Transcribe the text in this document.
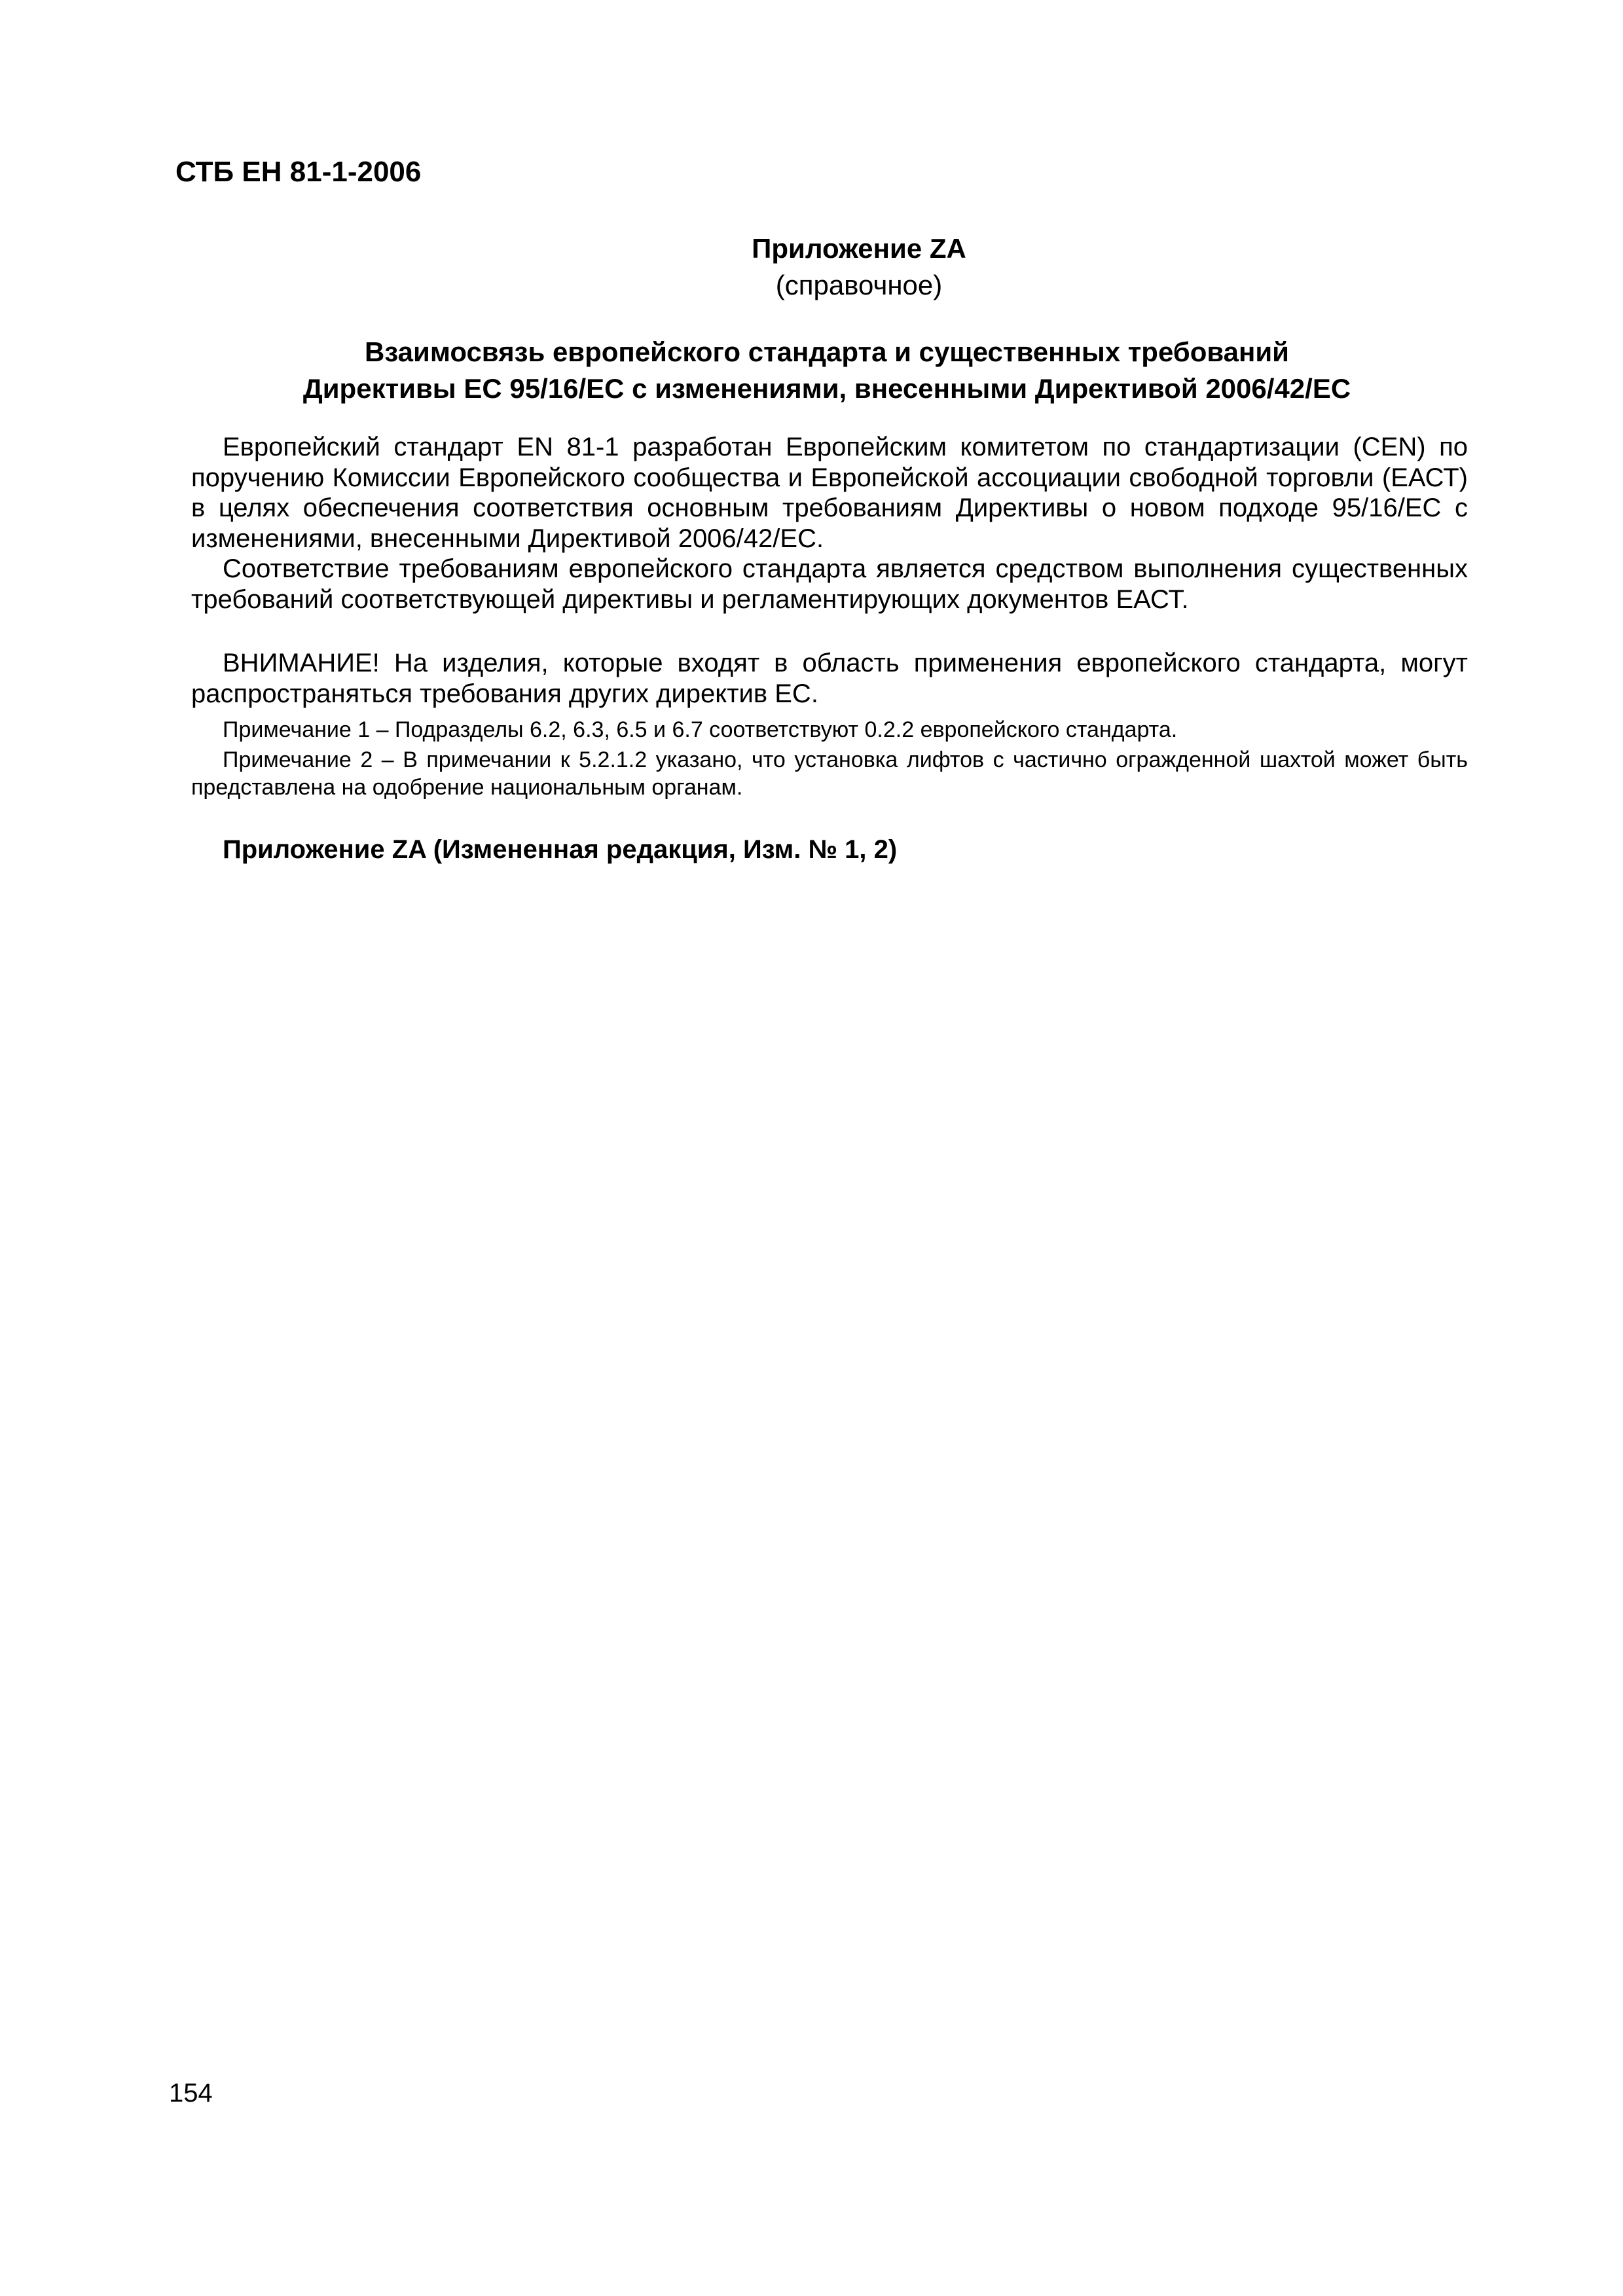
СТБ ЕН 81-1-2006
Приложение ZA
(справочное)
Взаимосвязь европейского стандарта и существенных требований
Директивы ЕС 95/16/ЕС с изменениями, внесенными Директивой 2006/42/ЕС

Европейский стандарт EN 81-1 разработан Европейским комитетом по стандартизации (CEN) по поручению Комиссии Европейского сообщества и Европейской ассоциации свободной торговли (ЕАСТ) в целях обеспечения соответствия основным требованиям Директивы о новом подходе 95/16/ЕС с изменениями, внесенными Директивой 2006/42/ЕС.

Соответствие требованиям европейского стандарта является средством выполнения существенных требований соответствующей директивы и регламентирующих документов ЕАСТ.

ВНИМАНИЕ! На изделия, которые входят в область применения европейского стандарта, могут распространяться требования других директив ЕС.

Примечание 1 – Подразделы 6.2, 6.3, 6.5 и 6.7 соответствуют 0.2.2 европейского стандарта.

Примечание 2 – В примечании к 5.2.1.2 указано, что установка лифтов с частично огражденной шахтой может быть представлена на одобрение национальным органам.

Приложение ZA (Измененная редакция, Изм. № 1, 2)
154
